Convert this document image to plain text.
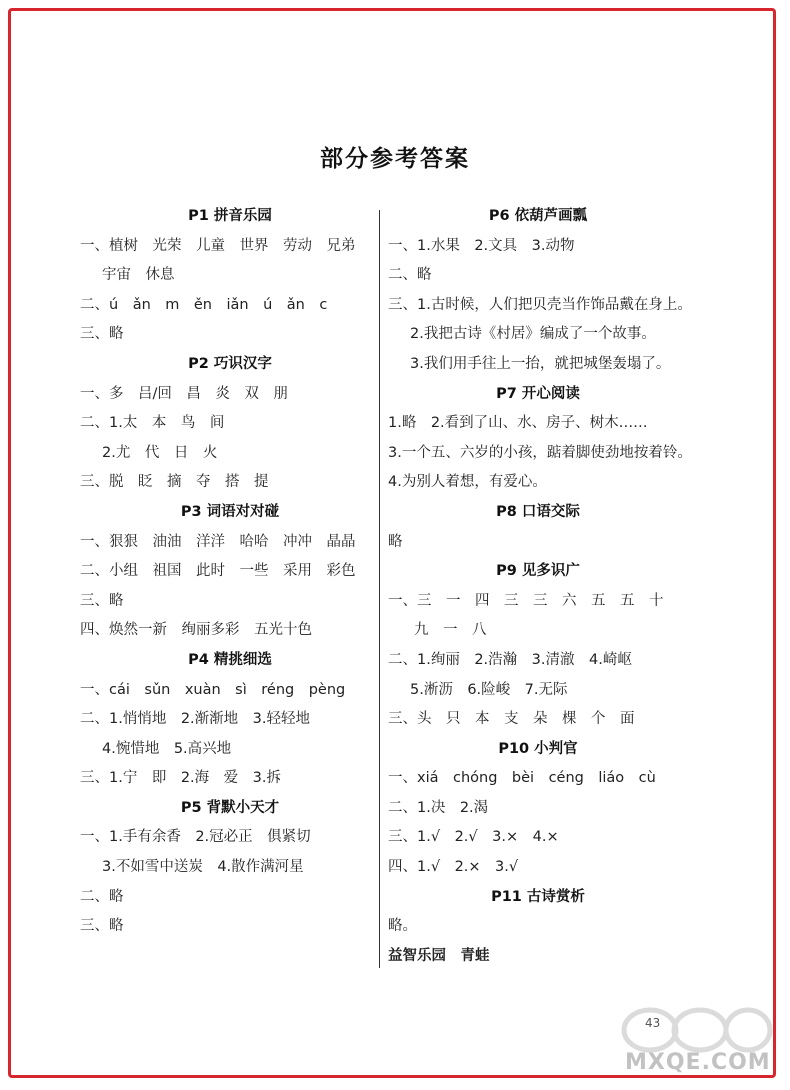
部分参考答案
P1 拼音乐园
一、植树　光荣　儿童　世界　劳动　兄弟
宇宙　休息
二、ú　ǎn　m　ěn　iǎn　ú　ǎn　c
三、略
P2 巧识汉字
一、多　吕/回　昌　炎　双　朋
二、1.太　本　鸟　间
2.尤　代　日　火
三、脱　眨　摘　夺　搭　提
P3 词语对对碰
一、狠狠　油油　洋洋　哈哈　冲冲　晶晶
二、小组　祖国　此时　一些　采用　彩色
三、略
四、焕然一新　绚丽多彩　五光十色
P4 精挑细选
一、cái　sǔn　xuàn　sì　réng　pèng
二、1.悄悄地　2.渐渐地　3.轻轻地
4.惋惜地　5.高兴地
三、1.宁　即　2.海　爱　3.拆
P5 背默小天才
一、1.手有余香　2.冠必正　俱紧切
3.不如雪中送炭　4.散作满河星
二、略
三、略
P6 依葫芦画瓢
一、1.水果　2.文具　3.动物
二、略
三、1.古时候，人们把贝壳当作饰品戴在身上。
2.我把古诗《村居》编成了一个故事。
3.我们用手往上一抬，就把城堡轰塌了。
P7 开心阅读
1.略　2.看到了山、水、房子、树木……
3.一个五、六岁的小孩，踮着脚使劲地按着铃。
4.为别人着想，有爱心。
P8 口语交际
略
P9 见多识广
一、三　一　四　三　三　六　五　五　十
九　一　八
二、1.绚丽　2.浩瀚　3.清澈　4.崎岖
5.淅沥　6.险峻　7.无际
三、头　只　本　支　朵　棵　个　面
P10 小判官
一、xiá　chóng　bèi　céng　liáo　cù
二、1.决　2.渴
三、1.√　2.√　3.×　4.×
四、1.√　2.×　3.√
P11 古诗赏析
略。
益智乐园　青蛙
43
MXQE.COM
